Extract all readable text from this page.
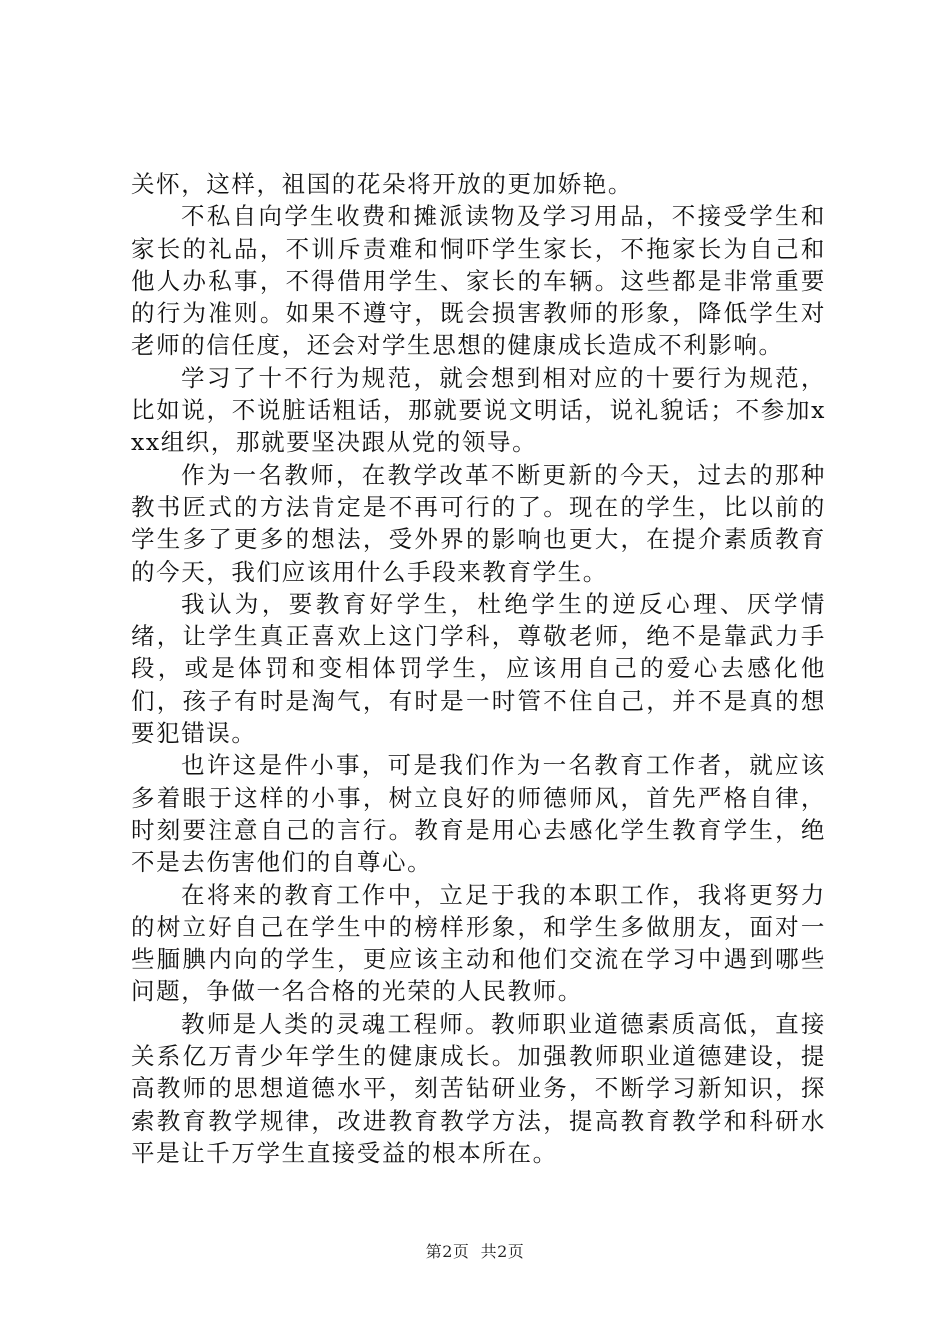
关怀，这样，祖国的花朵将开放的更加娇艳。

不私自向学生收费和摊派读物及学习用品，不接受学生和家长的礼品，不训斥责难和恫吓学生家长，不拖家长为自己和他人办私事，不得借用学生、家长的车辆。这些都是非常重要的行为准则。如果不遵守，既会损害教师的形象，降低学生对老师的信任度，还会对学生思想的健康成长造成不利影响。

学习了十不行为规范，就会想到相对应的十要行为规范，比如说，不说脏话粗话，那就要说文明话，说礼貌话；不参加xxx组织，那就要坚决跟从党的领导。

作为一名教师，在教学改革不断更新的今天，过去的那种教书匠式的方法肯定是不再可行的了。现在的学生，比以前的学生多了更多的想法，受外界的影响也更大，在提介素质教育的今天，我们应该用什么手段来教育学生。

我认为，要教育好学生，杜绝学生的逆反心理、厌学情绪，让学生真正喜欢上这门学科，尊敬老师，绝不是靠武力手段，或是体罚和变相体罚学生，应该用自己的爱心去感化他们，孩子有时是淘气，有时是一时管不住自己，并不是真的想要犯错误。

也许这是件小事，可是我们作为一名教育工作者，就应该多着眼于这样的小事，树立良好的师德师风，首先严格自律，时刻要注意自己的言行。教育是用心去感化学生教育学生，绝不是去伤害他们的自尊心。

在将来的教育工作中，立足于我的本职工作，我将更努力的树立好自己在学生中的榜样形象，和学生多做朋友，面对一些腼腆内向的学生，更应该主动和他们交流在学习中遇到哪些问题，争做一名合格的光荣的人民教师。

教师是人类的灵魂工程师。教师职业道德素质高低，直接关系亿万青少年学生的健康成长。加强教师职业道德建设，提高教师的思想道德水平，刻苦钻研业务，不断学习新知识，探索教育教学规律，改进教育教学方法，提高教育教学和科研水平是让千万学生直接受益的根本所在。

第2页  共2页
